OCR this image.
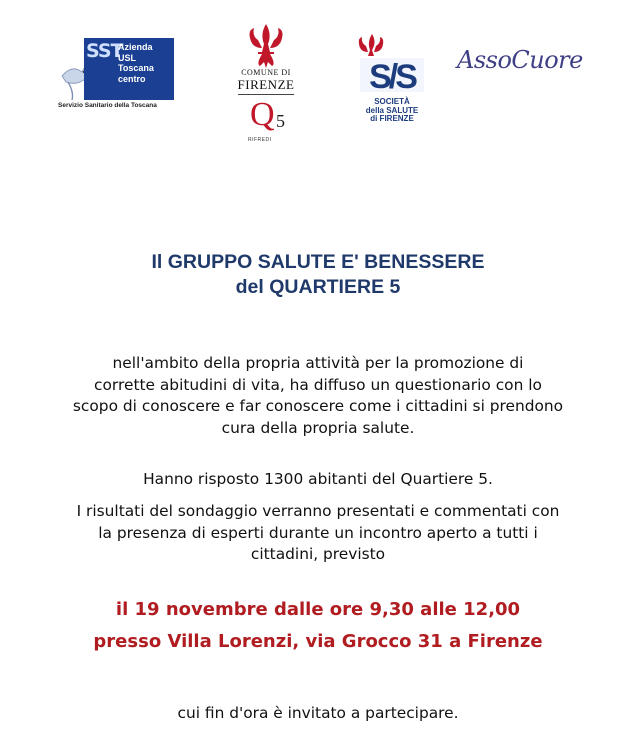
SST
Azienda
USL
Toscana
centro
Servizio Sanitario della Toscana
COMUNE DI
FIRENZE
Q 5
RIFREDI
S/S
SOCIETÀ
della SALUTE
di FIRENZE
AssoCuore
Il GRUPPO SALUTE E' BENESSERE
del QUARTIERE 5
nell'ambito della propria attività per la promozione di
corrette abitudini di vita, ha diffuso un questionario con lo
scopo di conoscere e far conoscere come i cittadini si prendono
cura della propria salute.
Hanno risposto 1300 abitanti del Quartiere 5.
I risultati del sondaggio verranno presentati e commentati con
la presenza di esperti durante un incontro aperto a tutti i
cittadini, previsto
il 19 novembre dalle ore 9,30 alle 12,00
presso Villa Lorenzi, via Grocco 31 a Firenze
cui fin d'ora è invitato a partecipare.
